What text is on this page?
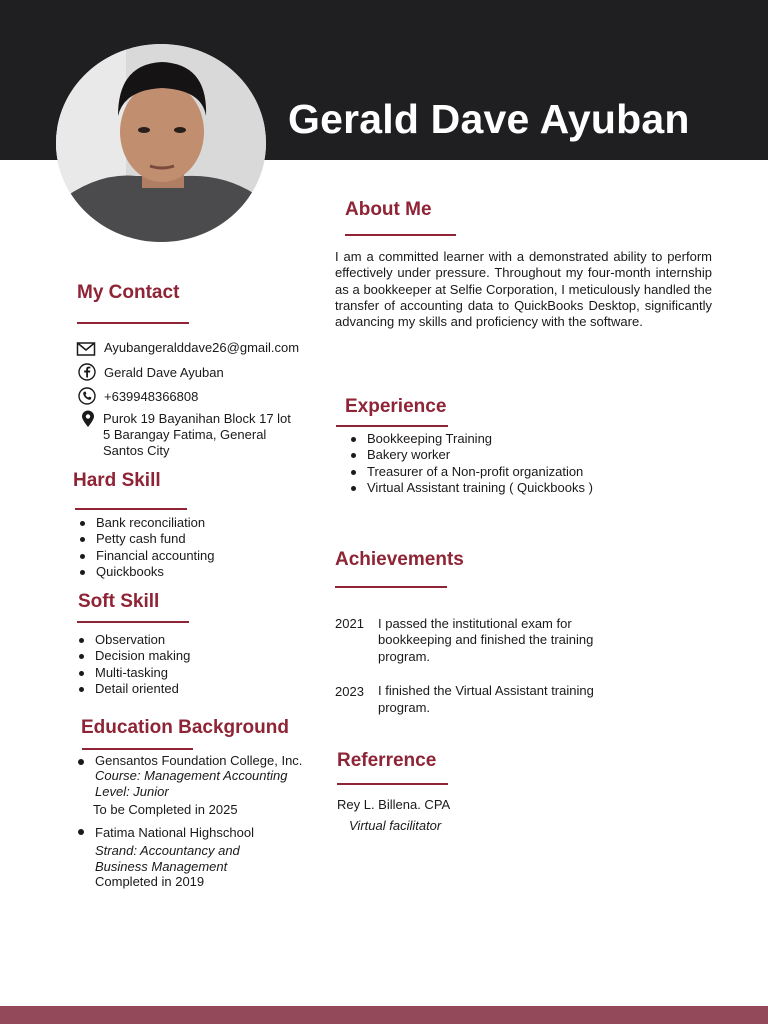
Gerald Dave Ayuban
About Me
I am a committed learner with a demonstrated ability to perform effectively under pressure. Throughout my four-month internship as a bookkeeper at Selfie Corporation, I meticulously handled the transfer of accounting data to QuickBooks Desktop, significantly advancing my skills and proficiency with the software.
My Contact
Ayubangeralddave26@gmail.com
Gerald Dave Ayuban
+639948366808
Purok 19 Bayanihan Block 17 lot
5 Barangay Fatima, General
Santos City
Hard Skill
Bank reconciliation
Petty cash fund
Financial accounting
Quickbooks
Soft Skill
Observation
Decision making
Multi-tasking
Detail oriented
Education Background
Gensantos Foundation College, Inc.
Course: Management Accounting
Level: Junior
To be Completed in 2025
Fatima National Highschool
Strand: Accountancy and
Business Management
Completed in 2019
Experience
Bookkeeping Training
Bakery worker
Treasurer of a Non-profit organization
Virtual Assistant training ( Quickbooks )
Achievements
2021 I passed the institutional exam for
bookkeeping and finished the training
program.
2023 I finished the Virtual Assistant training
program.
Referrence
Rey L. Billena. CPA
Virtual facilitator
